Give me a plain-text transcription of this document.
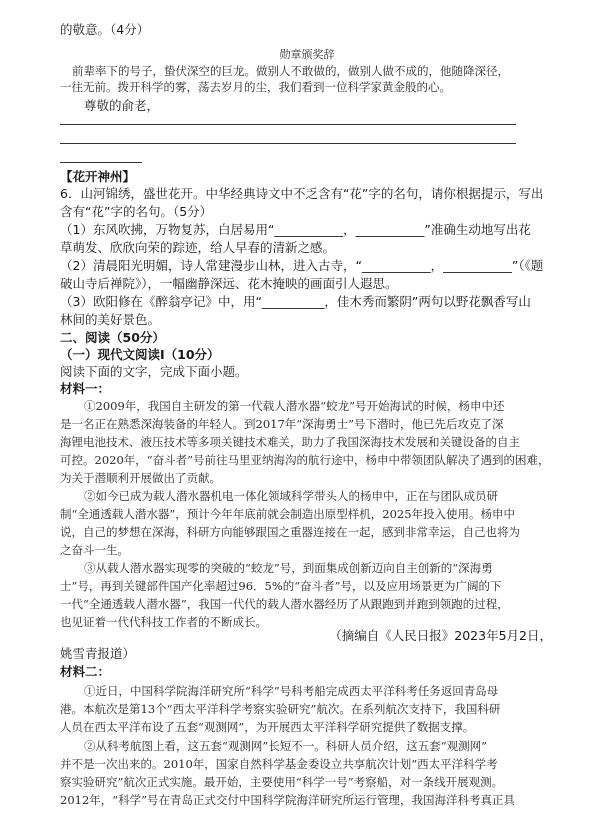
的敬意。（4分）
勋章颁奖辞
前辈率下的号子，蛰伏深空的巨龙。做别人不敢做的，做别人做不成的，他随降深径，
一往无前。拨开科学的雾，荡去岁月的尘，我们看到一位科学家黄金般的心。
尊敬的俞老，
【花开神州】
6．山河锦绣，盛世花开。中华经典诗文中不乏含有“花”字的名句，请你根据提示，写出
含有“花”字的名句。（5分）
（1）东风吹拂，万物复苏，白居易用“___________，___________”准确生动地写出花
草萌发、欣欣向荣的踪迹，给人早春的清新之感。
（2）清晨阳光明媚，诗人常建漫步山林，进入古寺，“___________，___________”（《题
破山寺后禅院》），一幅幽静深远、花木掩映的画面引人遐思。
（3）欧阳修在《醉翁亭记》中，用“__________，佳木秀而繁阴”两句以野花飘香写山
林间的美好景色。
二、阅读（50分）
（一）现代文阅读Ⅰ（10分）
阅读下面的文字，完成下面小题。
材料一：
①2009年，我国自主研发的第一代载人潜水器“蛟龙”号开始海试的时候，杨申中还
是一名正在熟悉深海装备的年轻人。到2017年“深海勇士”号下潜时，他已先后攻克了深
海锂电池技术、液压技术等多项关键技术难关，助力了我国深海技术发展和关键设备的自主
可控。2020年，“奋斗者”号前往马里亚纳海沟的航行途中，杨申中带领团队解决了遇到的困难，
为关于潜顺利开展做出了贡献。
②如今已成为载人潜水器机电一体化领域科学带头人的杨申中，正在与团队成员研
制“全通透载人潜水器”，预计今年年底前就会制造出原型样机，2025年投入使用。杨申中
说，自己的梦想在深海，科研方向能够跟国之重器连接在一起，感到非常幸运，自己也将为
之奋斗一生。
③从载人潜水器实现零的突破的“蛟龙”号，到面集成创新迈向自主创新的“深海勇
士”号，再到关键部件国产化率超过96．5%的“奋斗者”号，以及应用场景更为广阔的下
一代“全通透载人潜水器”，我国一代代的载人潜水器经历了从跟跑到并跑到领跑的过程，
也见证着一代代科技工作者的不断成长。
（摘编自《人民日报》2023年5月2日，
姚雪青报道）
材料二：
①近日，中国科学院海洋研究所“科学”号科考船完成西太平洋科考任务返回青岛母
港。本航次是第13个“西太平洋科学考察实验研究”航次。在系列航次支持下，我国科研
人员在西太平洋布设了五套“观测网”，为开展西太平洋科学研究提供了数据支撑。
②从科考航图上看，这五套“观测网”长短不一。科研人员介绍，这五套“观测网”
并不是一次出来的。2010年，国家自然科学基金委设立共享航次计划“西太平洋科学考
察实验研究”航次正式实施。最开始，主要使用“科学一号”考察船，对一条线开展观测。
2012年，“科学”号在青岛正式交付中国科学院海洋研究所运行管理，我国海洋科考真正具
